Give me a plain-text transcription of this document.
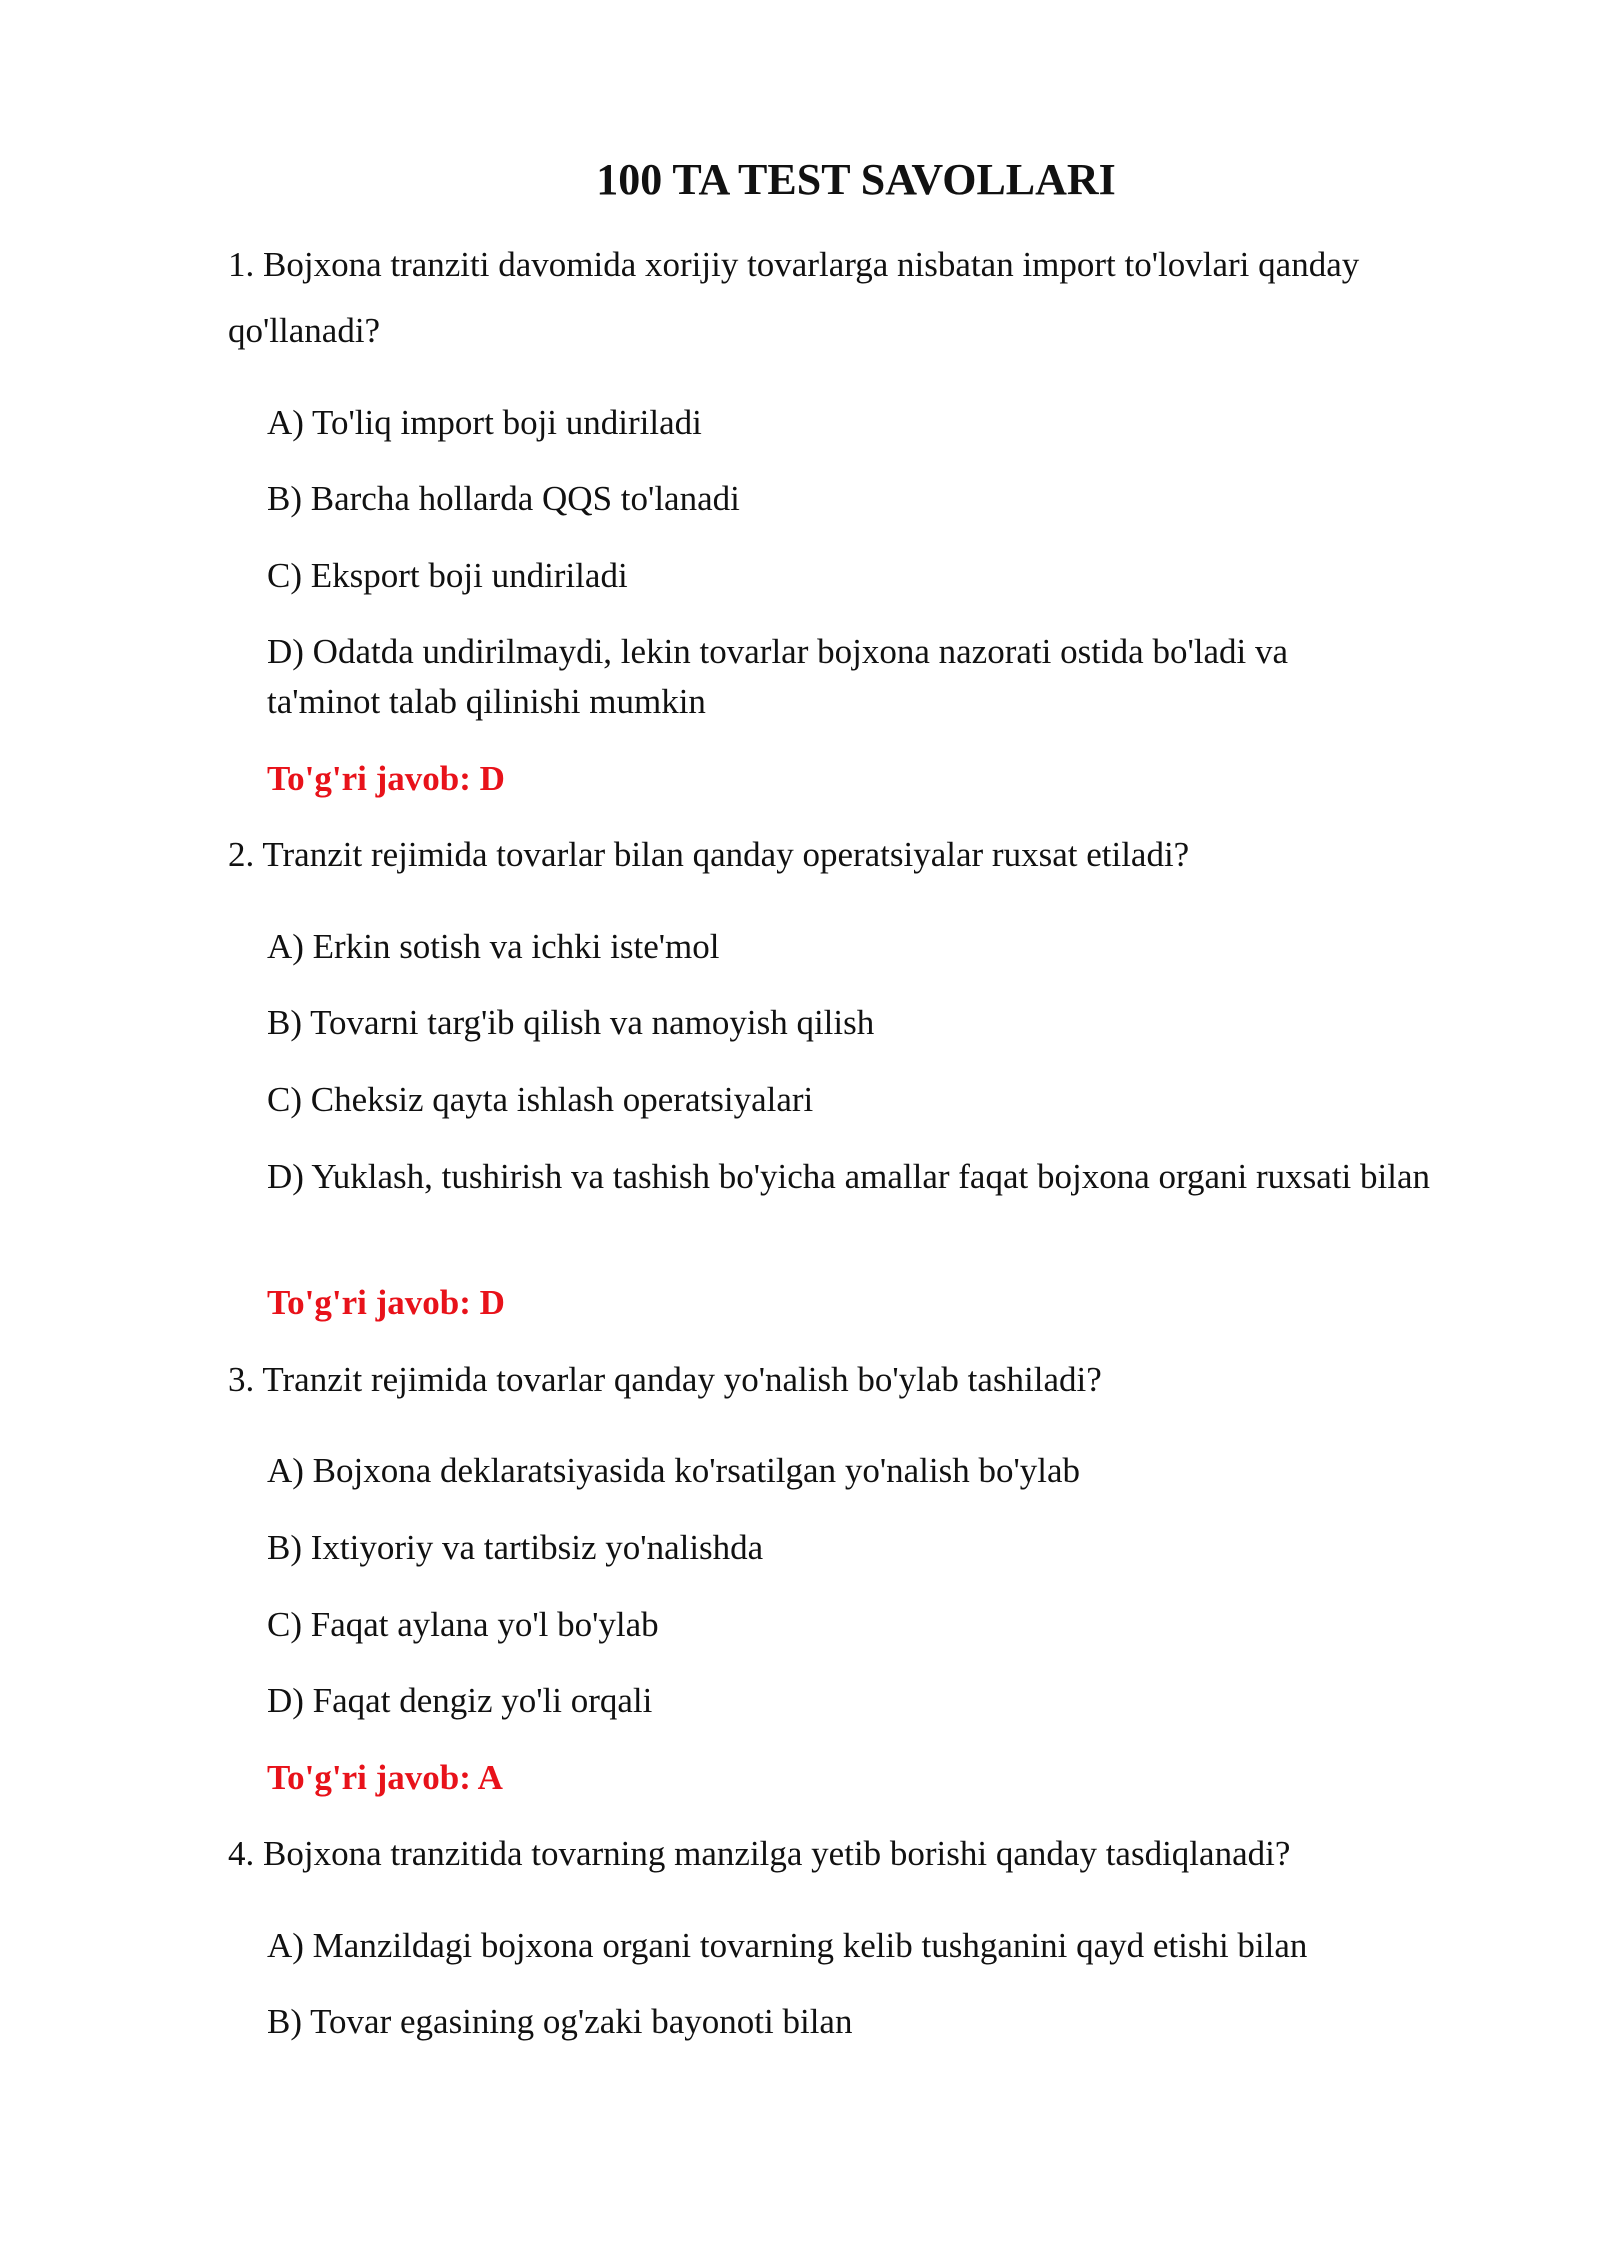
100 TA TEST SAVOLLARI
1. Bojxona tranziti davomida xorijiy tovarlarga nisbatan import to'lovlari qanday qo'llanadi?
A) To'liq import boji undiriladi
B) Barcha hollarda QQS to'lanadi
C) Eksport boji undiriladi
D) Odatda undirilmaydi, lekin tovarlar bojxona nazorati ostida bo'ladi va ta'minot talab qilinishi mumkin
To'g'ri javob: D
2. Tranzit rejimida tovarlar bilan qanday operatsiyalar ruxsat etiladi?
A) Erkin sotish va ichki iste'mol
B) Tovarni targ'ib qilish va namoyish qilish
C) Cheksiz qayta ishlash operatsiyalari
D) Yuklash, tushirish va tashish bo'yicha amallar faqat bojxona organi ruxsati bilan
To'g'ri javob: D
3. Tranzit rejimida tovarlar qanday yo'nalish bo'ylab tashiladi?
A) Bojxona deklaratsiyasida ko'rsatilgan yo'nalish bo'ylab
B) Ixtiyoriy va tartibsiz yo'nalishda
C) Faqat aylana yo'l bo'ylab
D) Faqat dengiz yo'li orqali
To'g'ri javob: A
4. Bojxona tranzitida tovarning manzilga yetib borishi qanday tasdiqlanadi?
A) Manzildagi bojxona organi tovarning kelib tushganini qayd etishi bilan
B) Tovar egasining og'zaki bayonoti bilan
